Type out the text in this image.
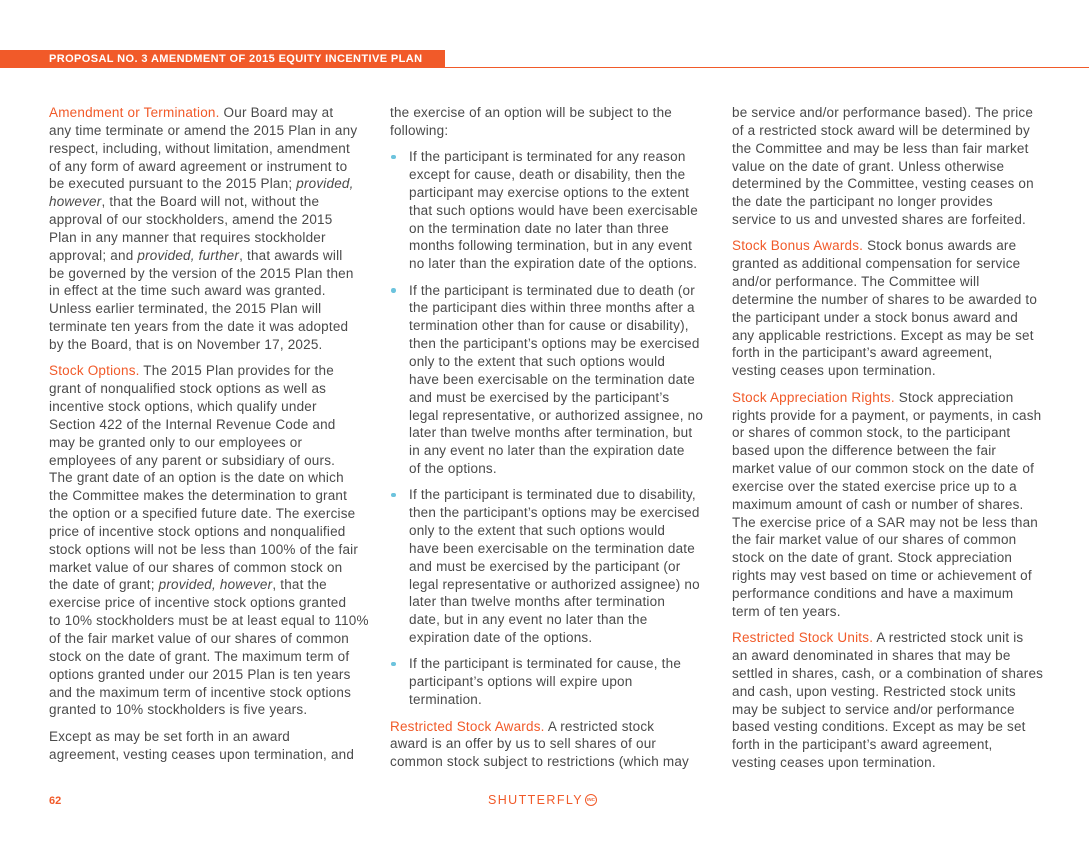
PROPOSAL NO. 3 AMENDMENT OF 2015 EQUITY INCENTIVE PLAN
Amendment or Termination. Our Board may at
any time terminate or amend the 2015 Plan in any
respect, including, without limitation, amendment
of any form of award agreement or instrument to
be executed pursuant to the 2015 Plan; provided,
however, that the Board will not, without the
approval of our stockholders, amend the 2015
Plan in any manner that requires stockholder
approval; and provided, further, that awards will
be governed by the version of the 2015 Plan then
in effect at the time such award was granted.
Unless earlier terminated, the 2015 Plan will
terminate ten years from the date it was adopted
by the Board, that is on November 17, 2025.
Stock Options. The 2015 Plan provides for the
grant of nonqualified stock options as well as
incentive stock options, which qualify under
Section 422 of the Internal Revenue Code and
may be granted only to our employees or
employees of any parent or subsidiary of ours.
The grant date of an option is the date on which
the Committee makes the determination to grant
the option or a specified future date. The exercise
price of incentive stock options and nonqualified
stock options will not be less than 100% of the fair
market value of our shares of common stock on
the date of grant; provided, however, that the
exercise price of incentive stock options granted
to 10% stockholders must be at least equal to 110%
of the fair market value of our shares of common
stock on the date of grant. The maximum term of
options granted under our 2015 Plan is ten years
and the maximum term of incentive stock options
granted to 10% stockholders is five years.
Except as may be set forth in an award
agreement, vesting ceases upon termination, and
the exercise of an option will be subject to the
following:
If the participant is terminated for any reason
except for cause, death or disability, then the
participant may exercise options to the extent
that such options would have been exercisable
on the termination date no later than three
months following termination, but in any event
no later than the expiration date of the options.
If the participant is terminated due to death (or
the participant dies within three months after a
termination other than for cause or disability),
then the participant’s options may be exercised
only to the extent that such options would
have been exercisable on the termination date
and must be exercised by the participant’s
legal representative, or authorized assignee, no
later than twelve months after termination, but
in any event no later than the expiration date
of the options.
If the participant is terminated due to disability,
then the participant’s options may be exercised
only to the extent that such options would
have been exercisable on the termination date
and must be exercised by the participant (or
legal representative or authorized assignee) no
later than twelve months after termination
date, but in any event no later than the
expiration date of the options.
If the participant is terminated for cause, the
participant’s options will expire upon
termination.
Restricted Stock Awards. A restricted stock
award is an offer by us to sell shares of our
common stock subject to restrictions (which may
be service and/or performance based). The price
of a restricted stock award will be determined by
the Committee and may be less than fair market
value on the date of grant. Unless otherwise
determined by the Committee, vesting ceases on
the date the participant no longer provides
service to us and unvested shares are forfeited.
Stock Bonus Awards. Stock bonus awards are
granted as additional compensation for service
and/or performance. The Committee will
determine the number of shares to be awarded to
the participant under a stock bonus award and
any applicable restrictions. Except as may be set
forth in the participant’s award agreement,
vesting ceases upon termination.
Stock Appreciation Rights. Stock appreciation
rights provide for a payment, or payments, in cash
or shares of common stock, to the participant
based upon the difference between the fair
market value of our common stock on the date of
exercise over the stated exercise price up to a
maximum amount of cash or number of shares.
The exercise price of a SAR may not be less than
the fair market value of our shares of common
stock on the date of grant. Stock appreciation
rights may vest based on time or achievement of
performance conditions and have a maximum
term of ten years.
Restricted Stock Units. A restricted stock unit is
an award denominated in shares that may be
settled in shares, cash, or a combination of shares
and cash, upon vesting. Restricted stock units
may be subject to service and/or performance
based vesting conditions. Except as may be set
forth in the participant’s award agreement,
vesting ceases upon termination.
62	SHUTTERFLY INC
